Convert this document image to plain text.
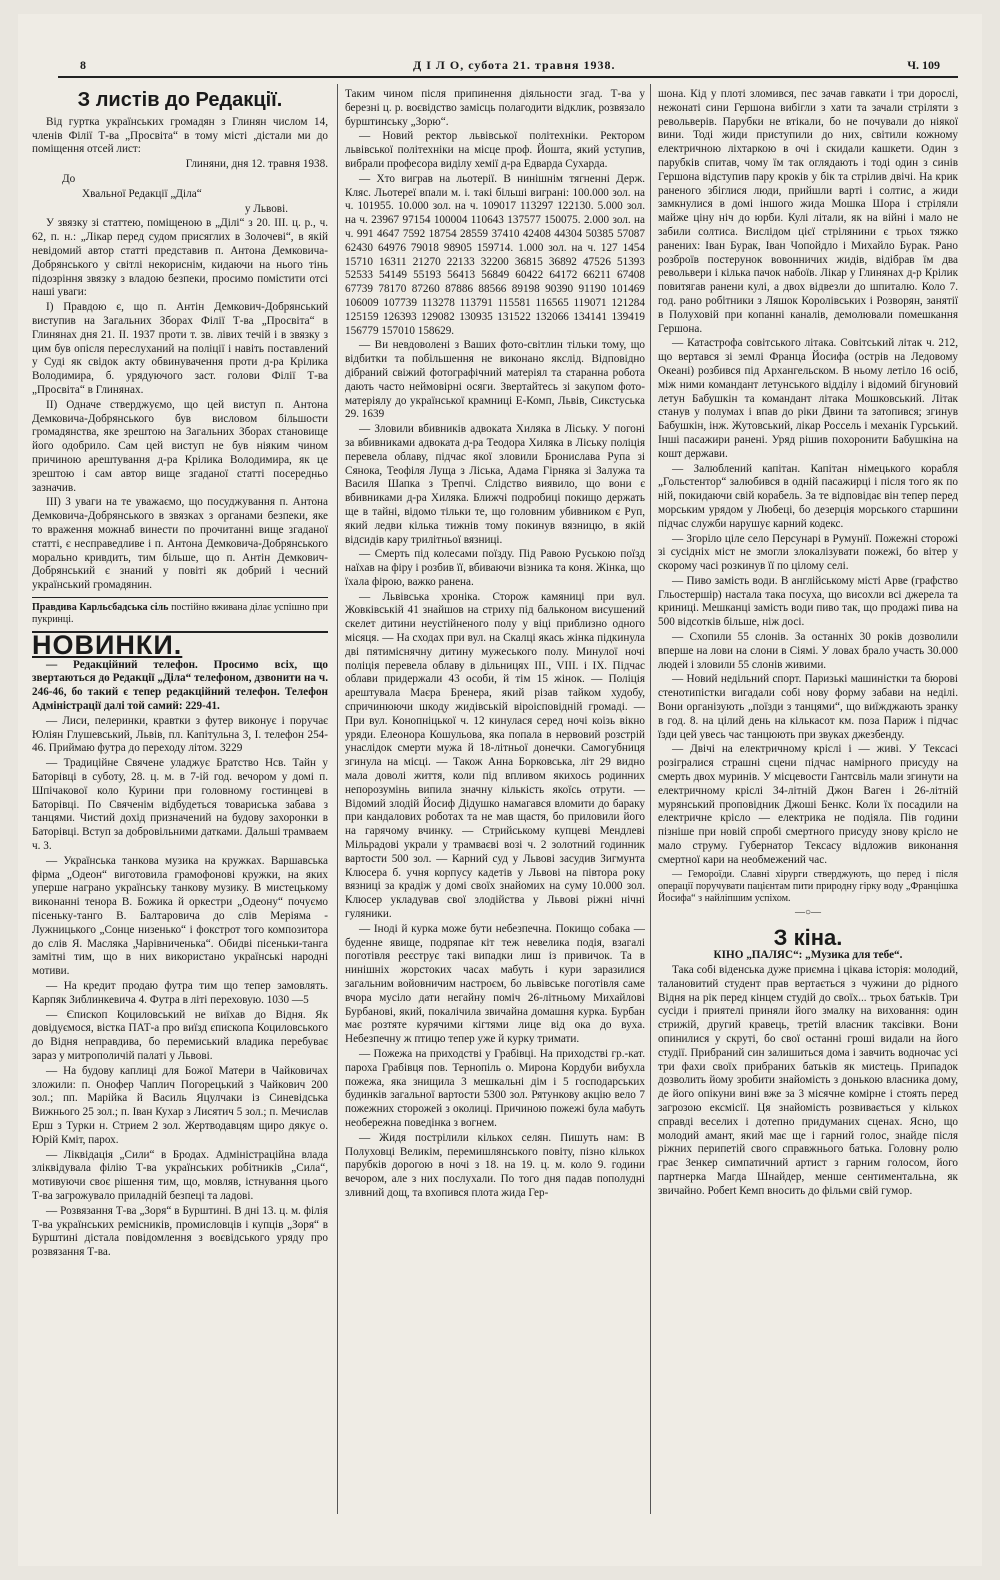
8	Д І Л О, субота 21. травня 1938.	Ч. 109
З листів до Редакції.

Від гуртка українських громадян з Глинян числом 14, членів Філії Т-ва „Просвіта“ в тому місті ,дістали ми до поміщення отсей лист:

Глиняни, дня 12. травня 1938.

До

Хвальної Редакції „Діла“

у Львові.

У звязку зі статтею, поміщеною в „Ділі“ з 20. III. ц. р., ч. 62, п. н.: „Лікар перед судом присяглих в Золочеві“, в якій невідомий автор статті представив п. Антона Демковича-Добрянського у світлі некориснім, кидаючи на нього тінь підозріння звязку з владою безпеки, просимо помістити отсі наші уваги:

I) Правдою є, що п. Антін Демкович-Добрянський виступив на Загальних Зборах Філії Т-ва „Просвіта“ в Глинянах дня 21. II. 1937 проти т. зв. лівих течій і в звязку з цим був опісля переслуханий на поліції і навіть поставлений у Суді як свідок акту обвинувачення проти д-ра Крілика Володимира, б. урядуючого заст. голови Філії Т-ва „Просвіта“ в Глинянах.

II) Одначе стверджуємо, що цей виступ п. Антона Демковича-Добрянського був висловом більшости громадянства, яке зрештою на Загальних Зборах становище його одобрило. Сам цей виступ не був ніяким чином причиною арештування д-ра Крілика Володимира, як це зрештою і сам автор вище згаданої статті посередньо зазначив.

III) З уваги на те уважаємо, що посуджування п. Антона Демковича-Добрянського в звязках з органами безпеки, яке то враження можнаб винести по прочитанні вище згаданої статті, є несправедливе і п. Антона Демковича-Добрянського морально кривдить, тим більше, що п. Антін Демкович-Добрянський є знаний у повіті як добрий і чесний український громадянин.

Правдива Карльсбадська сіль постійно вживана ділає успішно при пукринці.

НОВИНКИ.

— Редакційний телефон. Просимо всіх, що звертаються до Редакції „Діла“ телефоном, дзвонити на ч. 246-46, бо такий є тепер редакційний телефон. Телефон Адміністрації далі той самий: 229-41.

— Лиси, пелеринки, кравтки з футер виконує і порyчає Юліян Глушевський, Львів, пл. Капітульна 3, I. телефон 254-46. Приймаю футра до переходу літом. 3229

— Традиційне Свячене уладжує Братство Нсв. Тайн у Баторівці в суботу, 28. ц. м. в 7-ій год. вечором у домі п. Шпічакової коло Курини при головному гостинцеві в Баторівці. По Свяченім відбудеться товариська забава з танцями. Чистий дохід призначений на будову захоронки в Баторівці. Вступ за добровільними датками. Дальші трамваем ч. 3.

— Українська танкова музика на кружках. Варшавська фірма „Одеон“ виготовила грамофонові кружки, на яких уперше награно українську танкову музику. В мистецькому виконанні тенора В. Божика й оркестри „Одеону“ почуємо пісеньку-танго В. Балтаровича до слів Меріяма - Лужницького „Сонце низенько“ і фокстрот того композитора до слів Я. Масляка „Чарівниченька“. Обидві пісеньки-танга замітні тим, що в них використано українські народні мотиви.

— На кредит продаю футра тим що тепер замовлять. Карпяк Зиблинкевича 4. Футра в літі переховую. 1030 —5

— Єпископ Коциловський не виїхав до Відня. Як довідуємося, вістка ПАТ-а про виїзд єпископа Коциловського до Відня неправдива, бо перемиський владика перебуває зараз у митрополичій палаті у Львові.

— На будову каплиці для Божої Матери в Чайковичах зложили: п. Онофер Чаплич Погорецький з Чайкович 200 зол.; пп. Марійка й Василь Яцулчаки із Синевідська Вижнього 25 зол.; п. Іван Кухар з Лисятич 5 зол.; п. Мечислав Ерш з Турки н. Стрием 2 зол. Жертводавцям щиро дякує о. Юрій Кміт, парох.

— Ліквідація „Сили“ в Бродах. Адміністраційна влада зліквідувала філію Т-ва українських робітників „Сила“, мотивуючи своє рішення тим, що, мовляв, істнування цього Т-ва загрожувало приладній безпеці та ладові.

— Розвязання Т-ва „Зоря“ в Бурштині. В дні 13. ц. м. філія Т-ва українських ремісників, промисловців і купців „Зоря“ в Бурштині дістала повідомлення з воєвідського уряду про розвязання Т-ва.

Таким чином після припинення діяльности згад. Т-ва у березні ц. р. воєвідство замісць полагодити відклик, розвязало бурштинську „Зорю“.

— Новий ректор львівської політехніки. Ректором львівської політехніки на місце проф. Йошта, який уступив, вибрали професора виділу хемії д-ра Едварда Сухарда.

— Хто виграв на льотерії. В нинішнім тягненні Держ. Кляс. Льотереї впали м. і. такі більші виграні: 100.000 зол. на ч. 101955. 10.000 зол. на ч. 109017 113297 122130. 5.000 зол. на ч. 23967 97154 100004 110643 137577 150075. 2.000 зол. на ч. 991 4647 7592 18754 28559 37410 42408 44304 50385 57087 62430 64976 79018 98905 159714. 1.000 зол. на ч. 127 1454 15710 16311 21270 22133 32200 36815 36892 47526 51393 52533 54149 55193 56413 56849 60422 64172 66211 67408 67739 78170 87260 87886 88566 89198 90390 91190 101469 106009 107739 113278 113791 115581 116565 119071 121284 125159 126393 129082 130935 131522 132066 134141 139419 156779 157010 158629.

— Ви невдоволені з Ваших фото-світлин тільки тому, що відбитки та побільшення не виконано якслід. Відповідно дібраний свіжий фотографічний матеріял та старанна робота дають часто неймовірні осяги. Звертайтесь зі закупом фото-матеріялу до української крамниці Е-Комп, Львів, Сикстуська 29. 1639

— Зловили вбивників адвоката Хиляка в Ліську. У погоні за вбивниками адвоката д-ра Теодора Хиляка в Ліську поліція перевела облаву, підчас якої зловили Бронислава Рупа зі Сянока, Теофіля Луща з Ліська, Адама Гірняка зі Залужа та Василя Шапка з Трепчі. Слідство виявило, що вони є вбивниками д-ра Хиляка. Ближчі подробиці покищо держать ще в тайні, відомо тільки те, що головним убивником є Руп, який ледви кілька тижнів тому покинув вязницю, в якій відсидів кару трилітньої вязниці.

— Смерть під колесами поїзду. Під Равою Руською поїзд наїхав на фіру і розбив її, вбиваючи візника та коня. Жінка, що їхала фірою, важко ранена.

— Львівська хроніка. Сторож камяниці при вул. Жовківській 41 знайшов на стриху під бальконом висушений скелет дитини неустійненого полу у віці приблизно одного місяця. — На сходах при вул. на Скалці якась жінка підкинула дві пятиміснячну дитину мужеського полу. Минулої ночі поліція перевела облаву в дільницях III., VIII. і IX. Підчас облави придержали 43 особи, й тім 15 жінок. — Поліція арештувала Маєра Бренера, який різав тайком худобу, спричинюючи шкоду жидівській віроісповідній громаді. — При вул. Конопніцької ч. 12 кинулася серед ночі коізь вікно уряди. Елеонора Кошульова, яка попала в нервовий розстрій унаслідок смерти мужа й 18-літньої донечки. Самогубниця згинула на місці. — Також Анна Борковська, літ 29 видно мала доволі життя, коли під впливом якихось родинних непорозумінь випила значну кількість якоїсь отрути. — Відомий злодій Йосиф Дідушко намагався вломити до бараку при кандалових роботах та не мав щастя, бо приловили його на гарячому вчинку. — Стрийському купцеві Мендлеві Мільрадові украли у трамваєві возі ч. 2 золотний годинник вартости 500 зол. — Карний суд у Львові засудив Зигмунта Клюсера б. учня корпусу кадетів у Львові на півтора року вязниці за крадіж у домі своїх знайомих на суму 10.000 зол. Клюсер укладував свої злодійства у Львові ріжні нічні гуляники.

— Іноді й курка може бути небезпечна. Покищо собака — буденне явище, подряпае кіт теж невелика подія, взагалі поготівля реєструє такі випадки лиш із привичок. Та в нинішніх жорстоких часах мабуть і кури заразилися загальним войовничим настроєм, бо львівське поготівля саме вчора мусіло дати негайну поміч 26-літньому Михайлові Бурбанові, який, покалічила звичайна домашня курка. Бурбан має розтяте курячими кігтями лице від ока до вуха. Небезпечну ж птицю тепер уже й курку тримати.

— Пожежа на приходстві у Грабівці. На приходстві гр.-кат. пароха Грабівця пов. Тернопіль о. Мирона Кордуби вибухла пожежа, яка знищила 3 мешкальні дім і 5 господарських будинків загальної вартости 5300 зол. Рятункову акцію вело 7 пожежних сторожей з околиці. Причиною пожежі була мабуть необережна поведінка з вогнем.

— Жидя пострілили кількох селян. Пишуть нам: В Полуховці Великім, перемишлянського повіту, пізно кількох парубків дорогою в ночі з 18. на 19. ц. м. коло 9. години вечором, але з них послухали. По того дня падав пополудні зливний дощ, та вхопився плота жида Гер-

шона. Кід у плоті зломився, пес зачав гавкати і три дорослі, нежонаті сини Гершона вибігли з хати та зачали стріляти з револьверів. Парубки не втікали, бо не почували до ніякої вини. Тоді жиди приступили до них, світили кожному електричною ліхтаркою в очі і скидали кашкети. Один з парубків спитав, чому їм так оглядають і тоді один з синів Гершона відступив пару кроків у бік та стрілив двічі. На крик раненого збіглися люди, прийшли варті і солтис, а жиди замкнулися в домі іншого жида Мошка Шора і стріляли майже ціну ніч до юрби. Кулі літали, як на війні і мало не забили солтиса. Вислідом цієї стрілянини є трьох тяжко ранених: Іван Бурак, Іван Чопойдло і Михайло Бурак. Рано розброїв постерунок вовонничих жидів, відібрав їм два револьвери і кілька пачок набоїв. Лікар у Глинянах д-р Крілик повитягав ранени кулі, а двох відвезли до шпиталю. Коло 7. год. рано робітники з Ляшок Королівських і Розворян, занятії в Полуховій при копанні каналів, демолювали помешкання Гершона.

— Катастрофа совітського літака. Совітський літак ч. 212, що вертався зі землі Франца Йосифа (острів на Ледовому Океані) розбився під Архангельском. В ньому летіло 16 осіб, між ними командант летунського відділу і відомий бігуновий летун Бабушкін та командант літака Мошковський. Літак станув у полумах і впав до ріки Двини та затопився; згинув Бабушкін, інж. Жутовський, лікар Россель і механік Гурський. Інші пасажири ранені. Уряд рішив похоронити Бабушкіна на кошт держави.

— Залюблений капітан. Капітан німецького корабля „Гольстентор“ залюбився в одній пасажирці і після того як по ній, покидаючи свій корабель. За те відповідає він тепер перед морським урядом у Любеці, бо дезерція морського старшини підчас служби нарушує карний кодекс.

— Згоріло ціле село Персунарі в Румунії. Пожежні сторожі зі сусідніх міст не змогли злокалізувати пожежі, бо вітер у скорому часі розкинув її по цілому селі.

— Пиво замість води. В англійському місті Арве (графство Гльостершір) настала така посуха, що висохли всі джерела та криниці. Мешканці замість води пиво так, що продажі пива на 500 відсотків більше, ніж досі.

— Схопили 55 слонів. За останніх 30 років дозволили вперше на лови на слони в Сіямі. У ловах брало участь 30.000 людей і зловили 55 слонів живими.

— Новий недільний спорт. Паризькі машиністки та бюрові стенотипістки вигадали собі нову форму забави на неділі. Вони організують „поїзди з танцями“, що виїжджають зранку в год. 8. на цілий день на кількасот км. поза Париж і підчас їзди цей увесь час танцюють при звуках джезбенду.

— Двічі на електричному кріслі і — живі. У Тексасі розігралися страшні сцени підчас намірного присуду на смерть двох муринів. У місцевости Гантсвіль мали згинути на електричному кріслі 34-літній Джон Ваген і 26-літній мурянський проповідник Джоші Бенкс. Коли їх посадили на електричне крісло — електрика не подіяла. Пів години пізніше при новій спробі смертного присуду знову крісло не мало струму. Губернатор Тексасу відложив виконання смертної кари на необмежений час.

— Гемороїди. Славні хірурги стверджують, що перед і після операції порyчувати пацієнтам пити природну гірку воду „Францішка Йосифа“ з найліпшим успіхом.

—○—
З кіна.

КІНО „ПАЛЯС“: „Музика для тебе“.

Така собі віденська дуже приємна і цікава історія: молодий, талановитий студент прав вертається з чужини до рідного Відня на рік перед кінцем студій до своїх... трьох батьків. Три сусіди і приятелі приняли його змалку на виховання: один стрижій, другий кравець, третій власник таксівки. Вони опинилися у скруті, бо свої останні гроші видали на його студії. Прибраний син залишиться дома і завчить водночас усі три фахи своїх прибраних батьків як мистець. Припадок дозволить йому зробити знайомість з донькою власника дому, де його опікуни вині вже за 3 місячне комірне і стоять перед загрозою ексмісії. Ця знайомість розвивається у кількох справді веселих і дотепно придуманих сценах. Ясно, що молодий амант, який має ще і гарний голос, знайде після ріжних перипетій свого справжнього батька. Головну ролю грає Зенкер симпатичний артист з гарним голосом, його партнерка Магда Шнайдер, менше сентиментальна, як звичайно. Робert Кемп вносить до фільми свій гумор.
